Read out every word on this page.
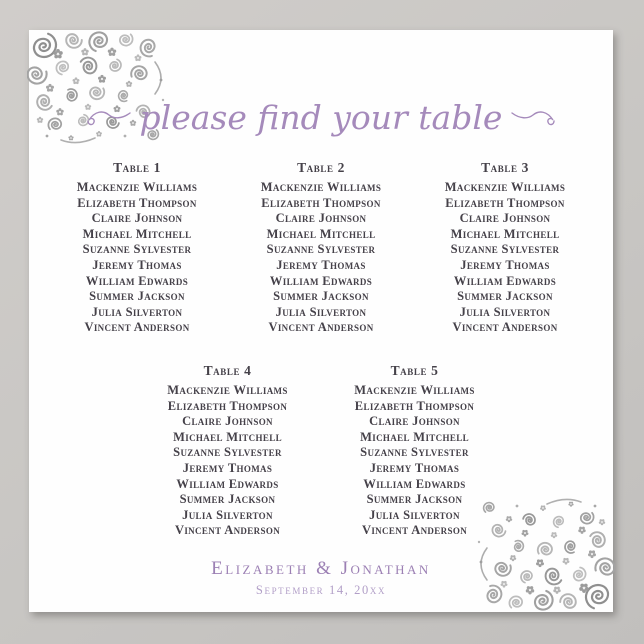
please find your table
Table 1
Mackenzie Williams
Elizabeth Thompson
Claire Johnson
Michael Mitchell
Suzanne Sylvester
Jeremy Thomas
William Edwards
Summer Jackson
Julia Silverton
Vincent Anderson
Table 2
Mackenzie Williams
Elizabeth Thompson
Claire Johnson
Michael Mitchell
Suzanne Sylvester
Jeremy Thomas
William Edwards
Summer Jackson
Julia Silverton
Vincent Anderson
Table 3
Mackenzie Williams
Elizabeth Thompson
Claire Johnson
Michael Mitchell
Suzanne Sylvester
Jeremy Thomas
William Edwards
Summer Jackson
Julia Silverton
Vincent Anderson
Table 4
Mackenzie Williams
Elizabeth Thompson
Claire Johnson
Michael Mitchell
Suzanne Sylvester
Jeremy Thomas
William Edwards
Summer Jackson
Julia Silverton
Vincent Anderson
Table 5
Mackenzie Williams
Elizabeth Thompson
Claire Johnson
Michael Mitchell
Suzanne Sylvester
Jeremy Thomas
William Edwards
Summer Jackson
Julia Silverton
Vincent Anderson
Elizabeth & Jonathan
September 14, 20xx
